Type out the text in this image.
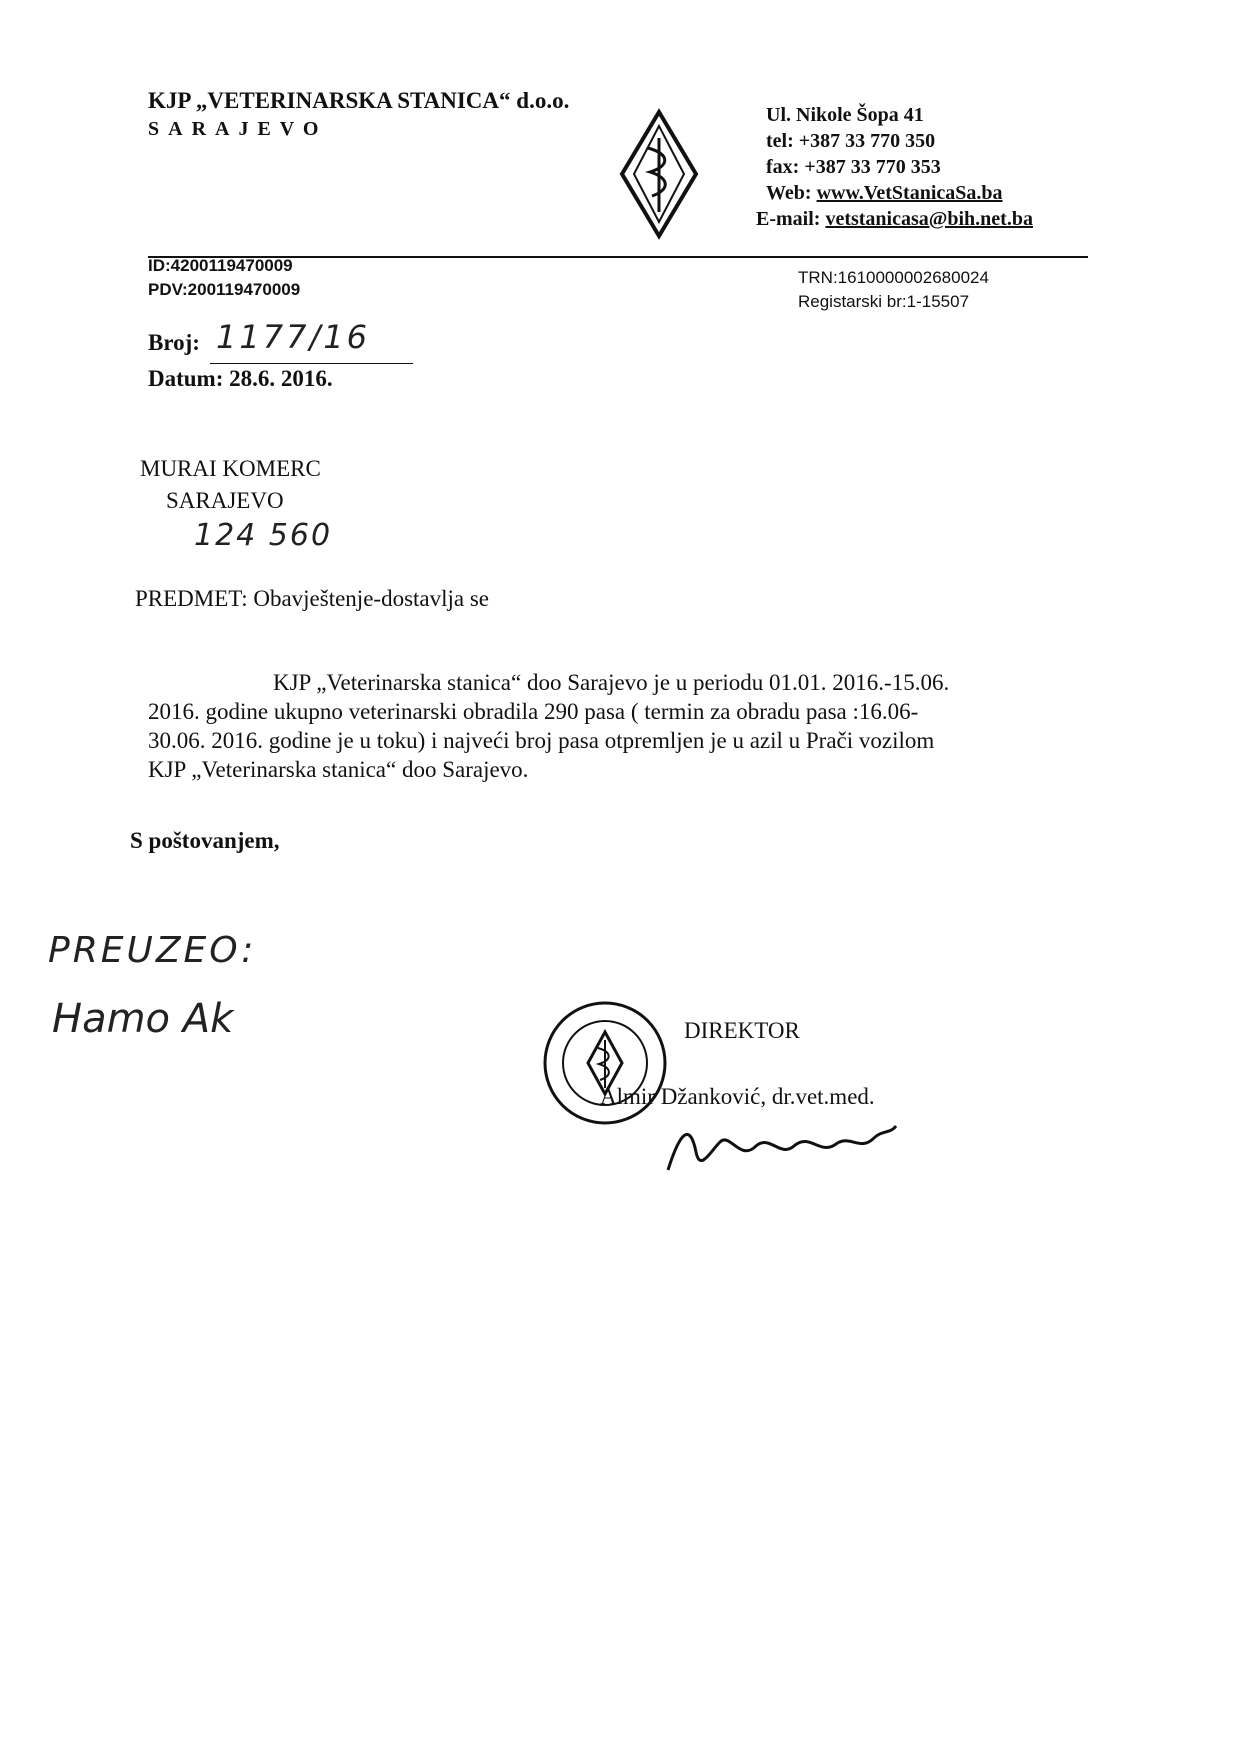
KJP „VETERINARSKA STANICA“ d.o.o.
SARAJEVO
Ul. Nikole Šopa 41
tel: +387 33 770 350
fax: +387 33 770 353
Web: www.VetStanicaSa.ba
E-mail: vetstanicasa@bih.net.ba
ID:4200119470009
PDV:200119470009
TRN:1610000002680024
Registarski br:1-15507
Broj: 1177/16
Datum: 28.6. 2016.
MURAI KOMERC
SARAJEVO
124 560
PREDMET: Obavještenje-dostavlja se
KJP „Veterinarska stanica“ doo Sarajevo je u periodu 01.01. 2016.-15.06.
2016. godine ukupno veterinarski obradila 290 pasa ( termin za obradu pasa :16.06-
30.06. 2016. godine je u toku) i najveći broj pasa otpremljen je u azil u Prači vozilom
KJP „Veterinarska stanica“ doo Sarajevo.
S poštovanjem,
PREUZEO:
Hamo Ak	DIREKTOR
Almir Džanković, dr.vet.med.
